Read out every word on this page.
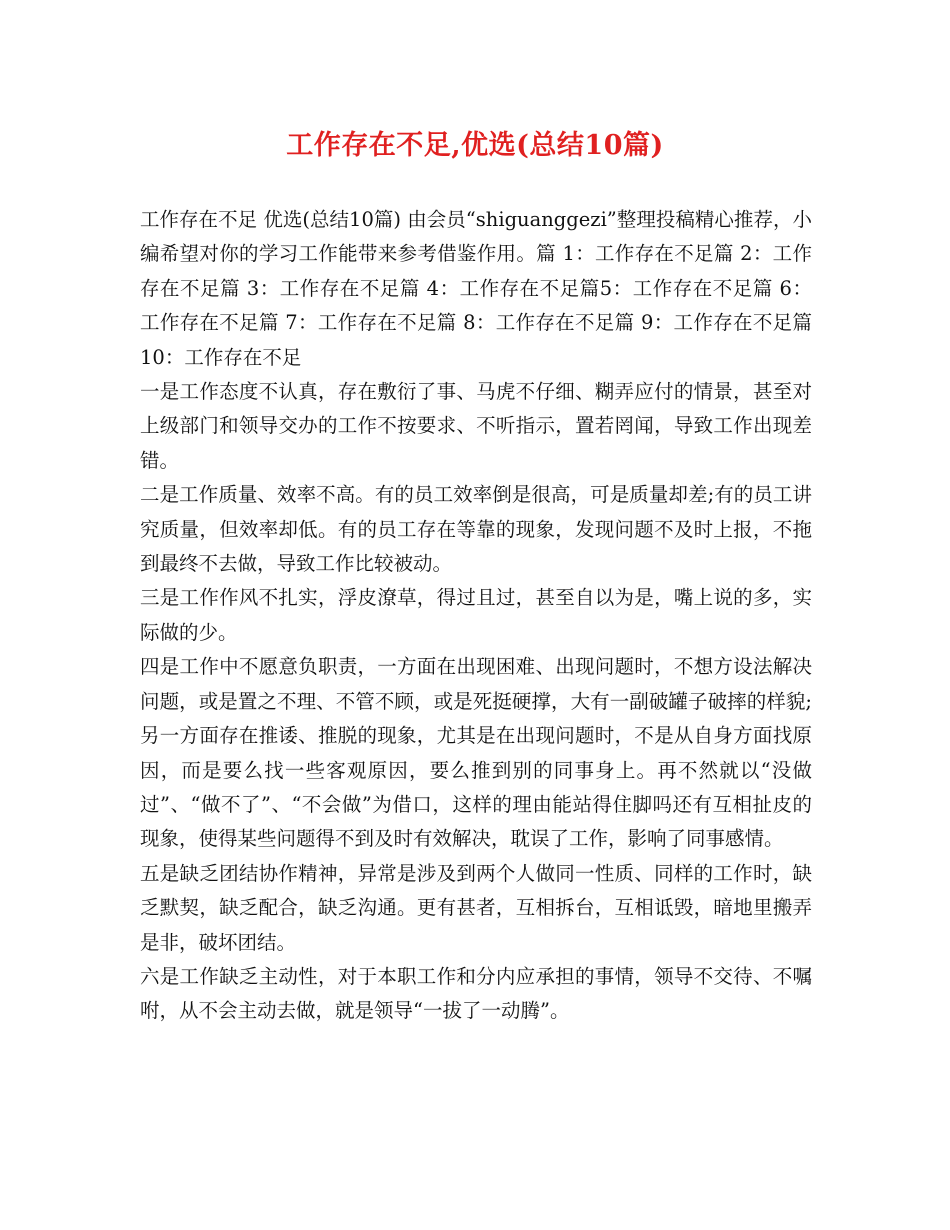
工作存在不足,优选(总结10篇)

工作存在不足 优选(总结10篇) 由会员“shiguanggezi”整理投稿精心推荐，小编希望对你的学习工作能带来参考借鉴作用。篇 1：工作存在不足篇 2：工作存在不足篇 3：工作存在不足篇 4：工作存在不足篇5：工作存在不足篇 6：工作存在不足篇 7：工作存在不足篇 8：工作存在不足篇 9：工作存在不足篇 10：工作存在不足

一是工作态度不认真，存在敷衍了事、马虎不仔细、糊弄应付的情景，甚至对上级部门和领导交办的工作不按要求、不听指示，置若罔闻，导致工作出现差错。

二是工作质量、效率不高。有的员工效率倒是很高，可是质量却差;有的员工讲究质量，但效率却低。有的员工存在等靠的现象，发现问题不及时上报，不拖到最终不去做，导致工作比较被动。

三是工作作风不扎实，浮皮潦草，得过且过，甚至自以为是，嘴上说的多，实际做的少。

四是工作中不愿意负职责，一方面在出现困难、出现问题时，不想方设法解决问题，或是置之不理、不管不顾，或是死挺硬撑，大有一副破罐子破摔的样貌;另一方面存在推诿、推脱的现象，尤其是在出现问题时，不是从自身方面找原因，而是要么找一些客观原因，要么推到别的同事身上。再不然就以“没做过”、“做不了”、“不会做”为借口，这样的理由能站得住脚吗还有互相扯皮的现象，使得某些问题得不到及时有效解决，耽误了工作，影响了同事感情。

五是缺乏团结协作精神，异常是涉及到两个人做同一性质、同样的工作时，缺乏默契，缺乏配合，缺乏沟通。更有甚者，互相拆台，互相诋毁，暗地里搬弄是非，破坏团结。

六是工作缺乏主动性，对于本职工作和分内应承担的事情，领导不交待、不嘱咐，从不会主动去做，就是领导“一拔了一动腾”。
